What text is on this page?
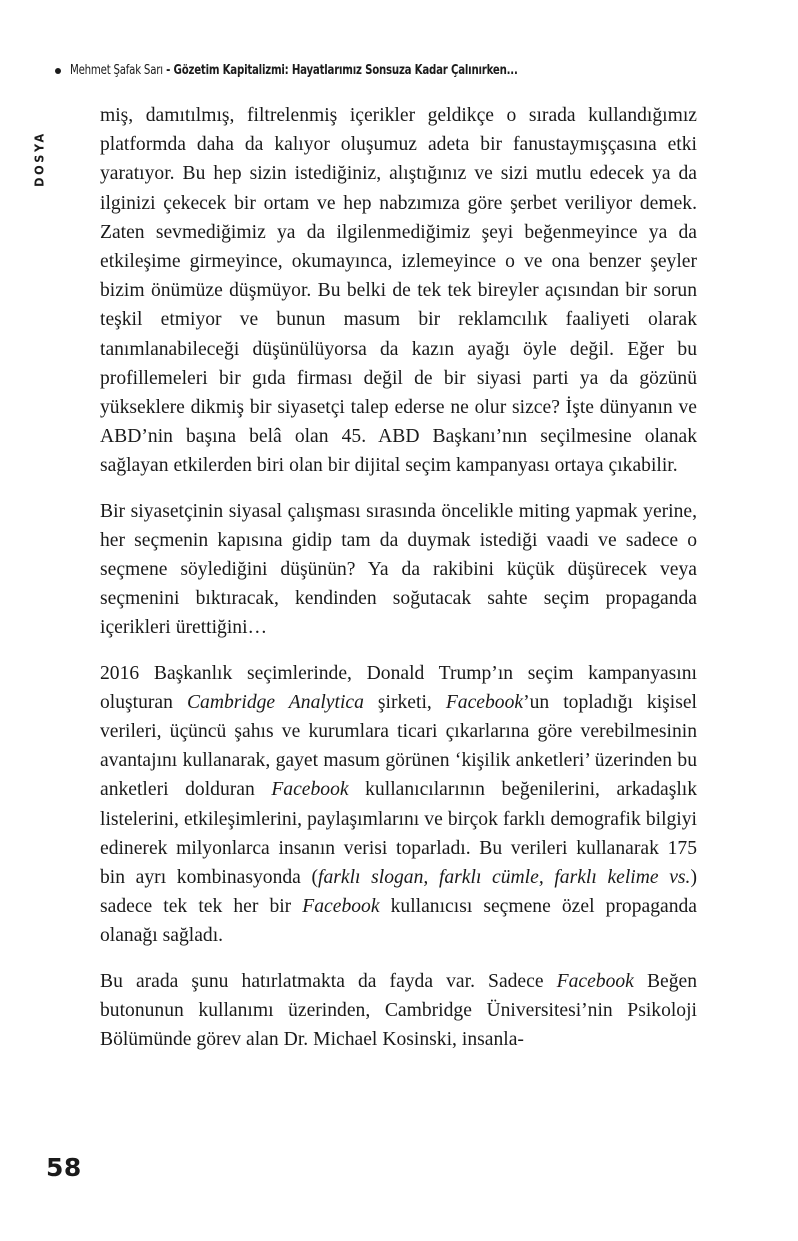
Mehmet Şafak Sarı - Gözetim Kapitalizmi: Hayatlarımız Sonsuza Kadar Çalınırken...
DOSYA

miş, damıtılmış, filtrelenmiş içerikler geldikçe o sırada kullandığımız platformda daha da kalıyor oluşumuz adeta bir fanustaymışçasına etki yaratıyor. Bu hep sizin istediğiniz, alıştığınız ve sizi mutlu edecek ya da ilginizi çekecek bir ortam ve hep nabzımıza göre şerbet veriliyor demek. Zaten sevmediğimiz ya da ilgilenmediğimiz şeyi beğenmeyince ya da etkileşime girmeyince, okumayınca, izlemeyince o ve ona benzer şeyler bizim önümüze düşmüyor. Bu belki de tek tek bireyler açısından bir sorun teşkil etmiyor ve bunun masum bir reklamcılık faaliyeti olarak tanımlanabileceği düşünülüyorsa da kazın ayağı öyle değil. Eğer bu profillemeleri bir gıda firması değil de bir siyasi parti ya da gözünü yükseklere dikmiş bir siyasetçi talep ederse ne olur sizce? İşte dünyanın ve ABD’nin başına belâ olan 45. ABD Başkanı’nın seçilmesine olanak sağlayan etkilerden biri olan bir dijital seçim kampanyası ortaya çıkabilir.

Bir siyasetçinin siyasal çalışması sırasında öncelikle miting yapmak yerine, her seçmenin kapısına gidip tam da duymak istediği vaadi ve sadece o seçmene söylediğini düşünün? Ya da rakibini küçük düşürecek veya seçmenini bıktıracak, kendinden soğutacak sahte seçim propaganda içerikleri ürettiğini…

2016 Başkanlık seçimlerinde, Donald Trump’ın seçim kampanyasını oluşturan Cambridge Analytica şirketi, Facebook’un topladığı kişisel verileri, üçüncü şahıs ve kurumlara ticari çıkarlarına göre verebilmesinin avantajını kullanarak, gayet masum görünen ‘kişilik anketleri’ üzerinden bu anketleri dolduran Facebook kullanıcılarının beğenilerini, arkadaşlık listelerini, etkileşimlerini, paylaşımlarını ve birçok farklı demografik bilgiyi edinerek milyonlarca insanın verisi toparladı. Bu verileri kullanarak 175 bin ayrı kombinasyonda (farklı slogan, farklı cümle, farklı kelime vs.) sadece tek tek her bir Facebook kullanıcısı seçmene özel propaganda olanağı sağladı.

Bu arada şunu hatırlatmakta da fayda var. Sadece Facebook Beğen butonunun kullanımı üzerinden, Cambridge Üniversitesi’nin Psikoloji Bölümünde görev alan Dr. Michael Kosinski, insanla-

58
